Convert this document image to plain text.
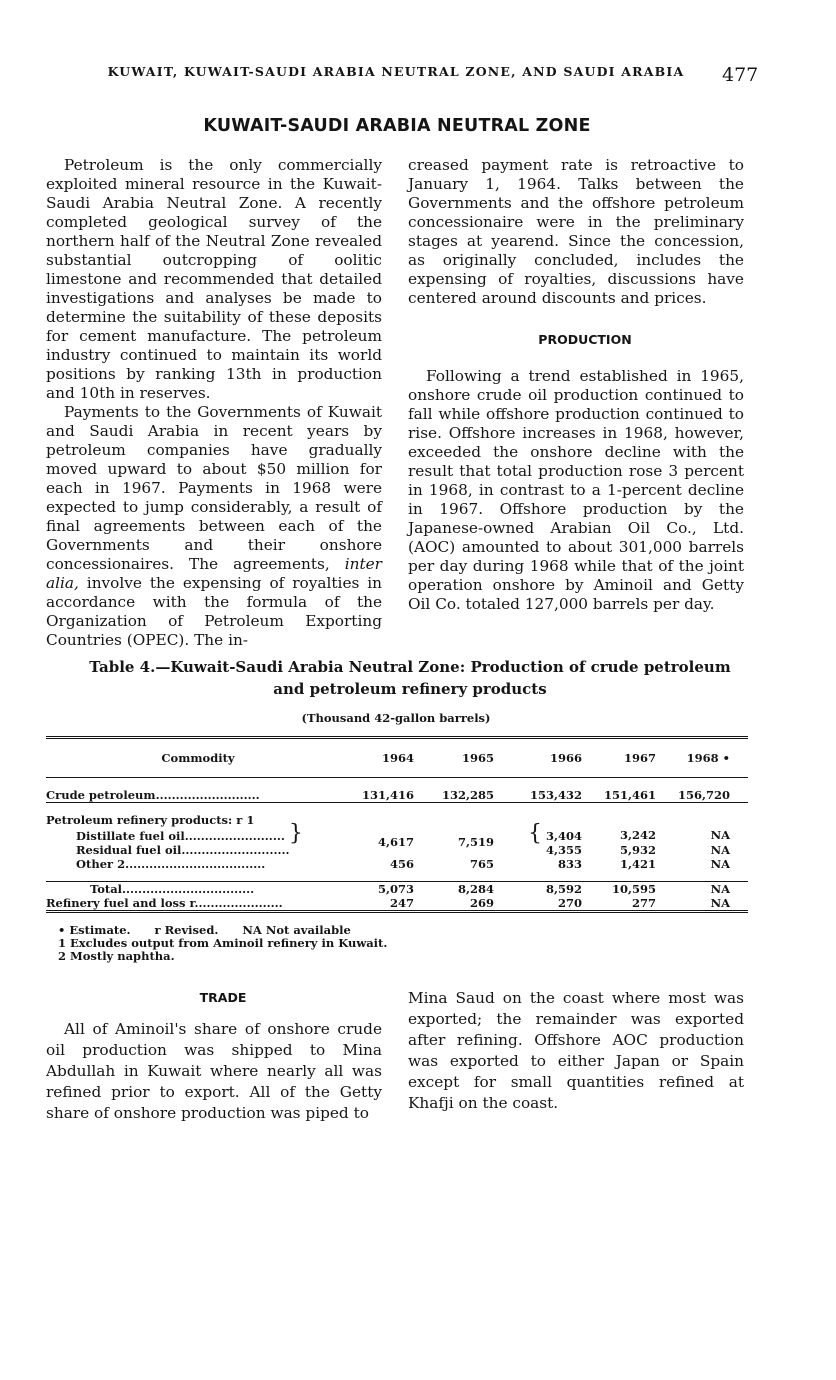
KUWAIT, KUWAIT-SAUDI ARABIA NEUTRAL ZONE, AND SAUDI ARABIA	477
KUWAIT-SAUDI ARABIA NEUTRAL ZONE

Petroleum is the only commercially exploited mineral resource in the Kuwait-Saudi Arabia Neutral Zone. A recently completed geological survey of the northern half of the Neutral Zone revealed substantial outcropping of oolitic limestone and recommended that detailed investigations and analyses be made to determine the suitability of these deposits for cement manufacture. The petroleum industry continued to maintain its world positions by ranking 13th in production and 10th in reserves.

Payments to the Governments of Kuwait and Saudi Arabia in recent years by petroleum companies have gradually moved upward to about $50 million for each in 1967. Payments in 1968 were expected to jump considerably, a result of final agreements between each of the Governments and their onshore concessionaires. The agreements, inter alia, involve the expensing of royalties in accordance with the formula of the Organization of Petroleum Exporting Countries (OPEC). The in-

creased payment rate is retroactive to January 1, 1964. Talks between the Governments and the offshore petroleum concessionaire were in the preliminary stages at yearend. Since the concession, as originally concluded, includes the expensing of royalties, discussions have centered around discounts and prices.

PRODUCTION

Following a trend established in 1965, onshore crude oil production continued to fall while offshore production continued to rise. Offshore increases in 1968, however, exceeded the onshore decline with the result that total production rose 3 percent in 1968, in contrast to a 1-percent decline in 1967. Offshore production by the Japanese-owned Arabian Oil Co., Ltd. (AOC) amounted to about 301,000 barrels per day during 1968 while that of the joint operation onshore by Aminoil and Getty Oil Co. totaled 127,000 barrels per day.

Table 4.—Kuwait-Saudi Arabia Neutral Zone: Production of crude petroleum
and petroleum refinery products
(Thousand 42-gallon barrels)
Commodity	1964	1965	1966	1967	1968 •

Crude petroleum..........................	131,416	132,285	153,432	151,461	156,720

Petroleum refinery products: r 1					
Distillate fuel oil......................... }	4,617	7,519	{ 3,404	3,242	NA
Residual fuel oil...........................			4,355	5,932	NA
Other 2...................................	456	765	833	1,421	NA

Total.................................	5,073	8,284	8,592	10,595	NA
Refinery fuel and loss r......................	247	269	270	277	NA
• Estimate. r Revised. NA Not available
1 Excludes output from Aminoil refinery in Kuwait.
2 Mostly naphtha.

TRADE

All of Aminoil's share of onshore crude oil production was shipped to Mina Abdullah in Kuwait where nearly all was refined prior to export. All of the Getty share of onshore production was piped to

Mina Saud on the coast where most was exported; the remainder was exported after refining. Offshore AOC production was exported to either Japan or Spain except for small quantities refined at Khafji on the coast.
